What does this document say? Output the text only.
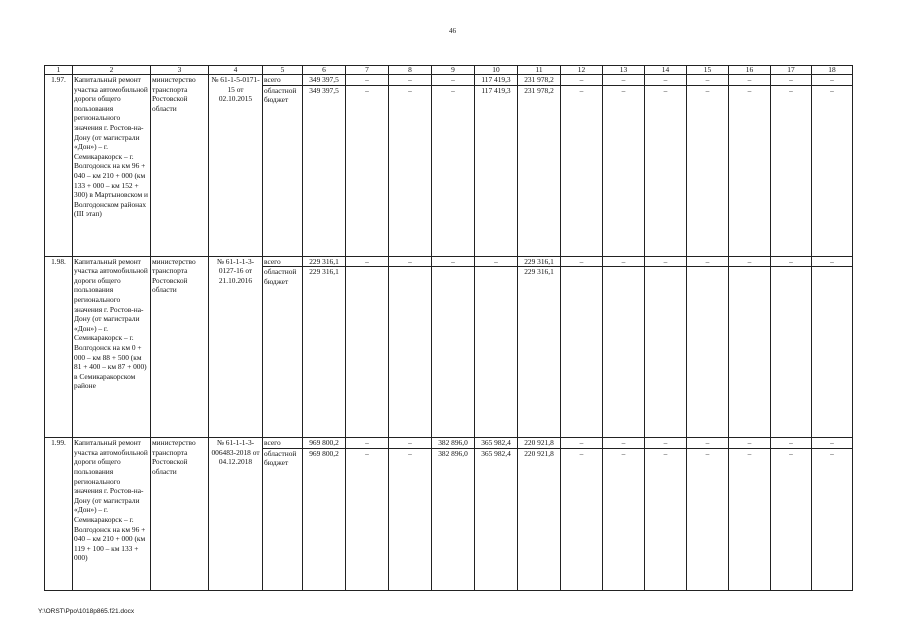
46
1	2	3	4	5	6	7	8	9	10	11	12	13	14	15	16	17	18
1.97.	Капитальный ремонт участка автомобильной дороги общего пользования регионального значения г. Ростов-на-Дону (от магистрали «Дон») – г. Семикаракорск – г. Волгодонск на км 96 + 040 – км 210 + 000 (км 133 + 000 – км 152 + 300) в Мартыновском и Волгодонском районах (III этап)	министерство транспорта Ростовской области	№ 61-1-5-0171-15 от 02.10.2015	всего	349 397,5	–	–	–	117 419,3	231 978,2	–	–	–	–	–	–	–
				областной бюджет	349 397,5	–	–	–	117 419,3	231 978,2	–	–	–	–	–	–	–
1.98.	Капитальный ремонт участка автомобильной дороги общего пользования регионального значения г. Ростов-на-Дону (от магистрали «Дон») – г. Семикаракорск – г. Волгодонск на км 0 + 000 – км 88 + 500 (км 81 + 400 – км 87 + 000) в Семикаракорском районе	министерство транспорта Ростовской области	№ 61-1-1-3-0127-16 от 21.10.2016	всего	229 316,1	–	–	–	–	229 316,1	–	–	–	–	–	–	–
				областной бюджет	229 316,1					229 316,1							
1.99.	Капитальный ремонт участка автомобильной дороги общего пользования регионального значения г. Ростов-на-Дону (от магистрали «Дон») – г. Семикаракорск – г. Волгодонск на км 96 + 040 – км 210 + 000 (км 119 + 100 – км 133 + 000)	министерство транспорта Ростовской области	№ 61-1-1-3-006483-2018 от 04.12.2018	всего	969 800,2	–	–	382 896,0	365 982,4	220 921,8	–	–	–	–	–	–	–
				областной бюджет	969 800,2	–	–	382 896,0	365 982,4	220 921,8	–	–	–	–	–	–	–
Y:\ORST\Ppo\1018p865.f21.docx
